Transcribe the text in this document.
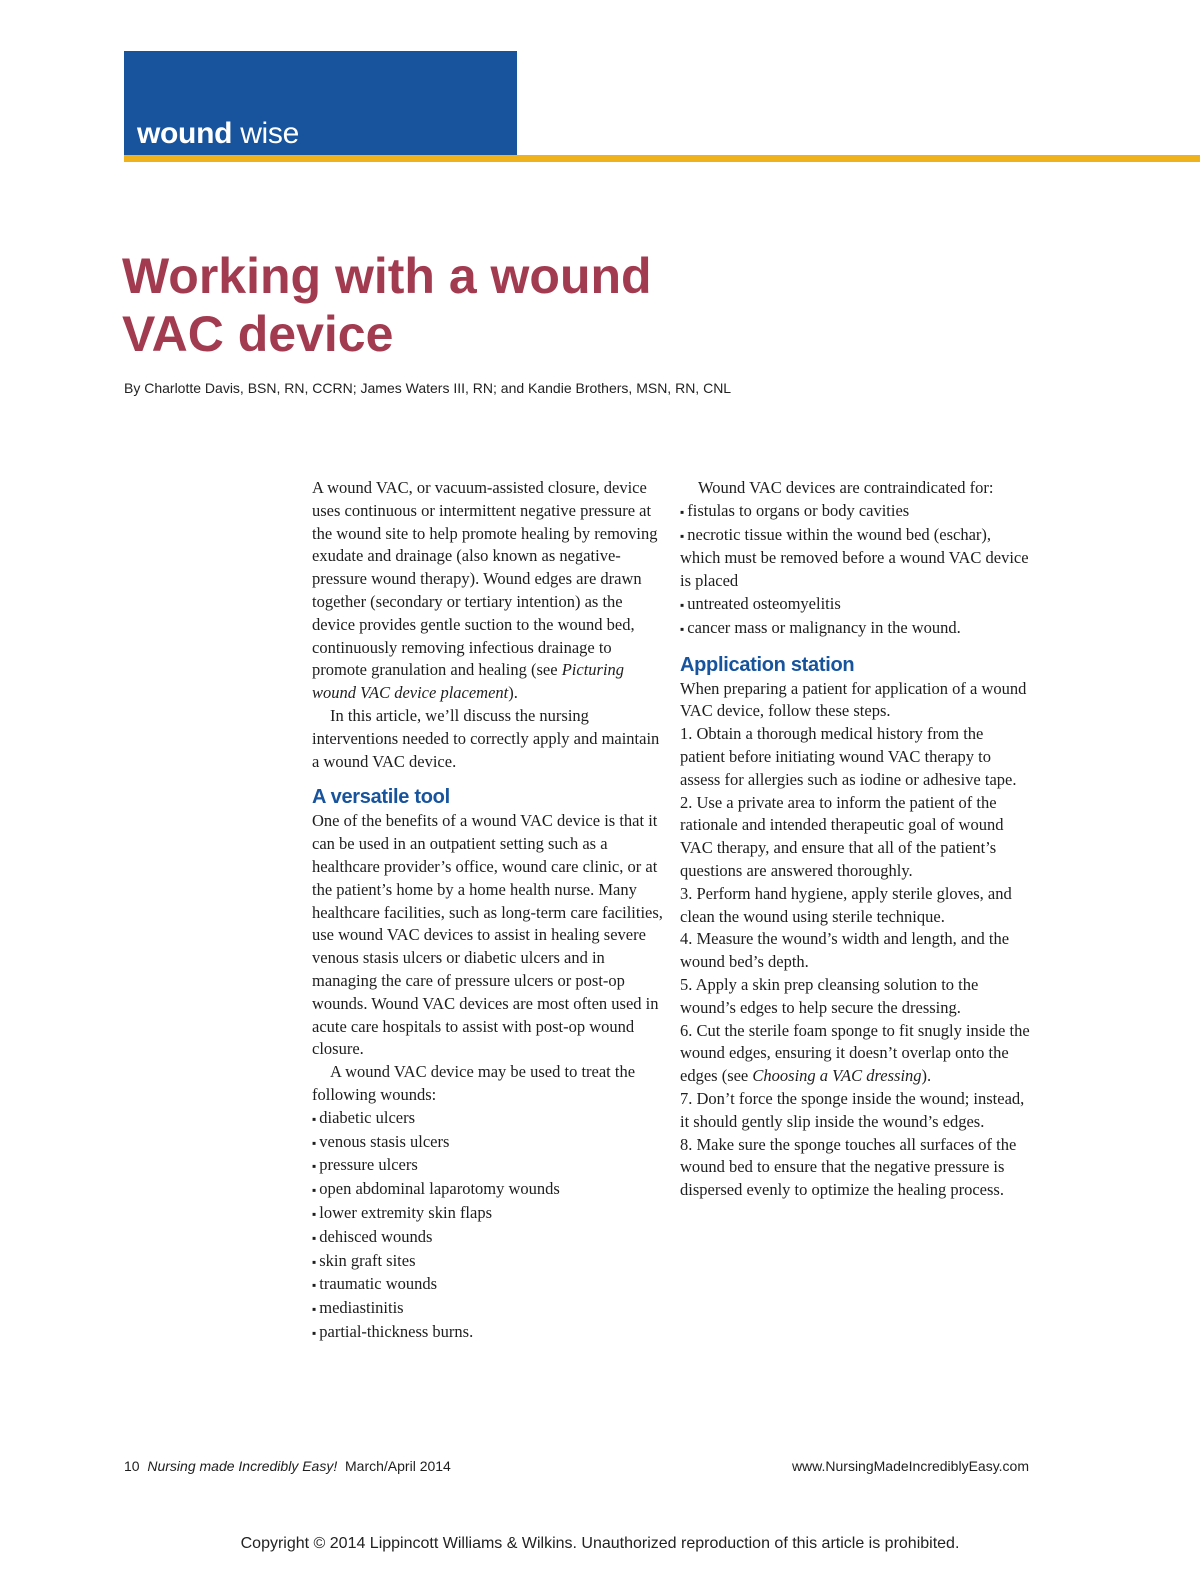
wound wise
Working with a wound
VAC device

By Charlotte Davis, BSN, RN, CCRN; James Waters III, RN; and Kandie Brothers, MSN, RN, CNL

A wound VAC, or vacuum-assisted closure, device uses continuous or intermittent negative pressure at the wound site to help promote healing by removing exudate and drainage (also known as negative-pressure wound therapy). Wound edges are drawn together (secondary or tertiary intention) as the device provides gentle suction to the wound bed, continuously removing infectious drainage to promote granulation and healing (see Picturing wound VAC device placement).

In this article, we’ll discuss the nursing interventions needed to correctly apply and maintain a wound VAC device.

A versatile tool

One of the benefits of a wound VAC device is that it can be used in an outpatient setting such as a healthcare provider’s office, wound care clinic, or at the patient’s home by a home health nurse. Many healthcare facilities, such as long-term care facilities, use wound VAC devices to assist in healing severe venous stasis ulcers or diabetic ulcers and in managing the care of pressure ulcers or post-op wounds. Wound VAC devices are most often used in acute care hospitals to assist with post-op wound closure.

A wound VAC device may be used to treat the following wounds:

▪ diabetic ulcers
▪ venous stasis ulcers
▪ pressure ulcers
▪ open abdominal laparotomy wounds
▪ lower extremity skin flaps
▪ dehisced wounds
▪ skin graft sites
▪ traumatic wounds
▪ mediastinitis
▪ partial-thickness burns.

Wound VAC devices are contraindicated for:

▪ fistulas to organs or body cavities
▪ necrotic tissue within the wound bed (eschar), which must be removed before a wound VAC device is placed
▪ untreated osteomyelitis
▪ cancer mass or malignancy in the wound.
Application station

When preparing a patient for application of a wound VAC device, follow these steps.

1. Obtain a thorough medical history from the patient before initiating wound VAC therapy to assess for allergies such as iodine or adhesive tape.

2. Use a private area to inform the patient of the rationale and intended therapeutic goal of wound VAC therapy, and ensure that all of the patient’s questions are answered thoroughly.

3. Perform hand hygiene, apply sterile gloves, and clean the wound using sterile technique.

4. Measure the wound’s width and length, and the wound bed’s depth.

5. Apply a skin prep cleansing solution to the wound’s edges to help secure the dressing.

6. Cut the sterile foam sponge to fit snugly inside the wound edges, ensuring it doesn’t overlap onto the edges (see Choosing a VAC dressing).

7. Don’t force the sponge inside the wound; instead, it should gently slip inside the wound’s edges.

8. Make sure the sponge touches all surfaces of the wound bed to ensure that the negative pressure is dispersed evenly to optimize the healing process.

10 Nursing made Incredibly Easy! March/April 2014	www.NursingMadeIncrediblyEasy.com
Copyright © 2014 Lippincott Williams & Wilkins. Unauthorized reproduction of this article is prohibited.
